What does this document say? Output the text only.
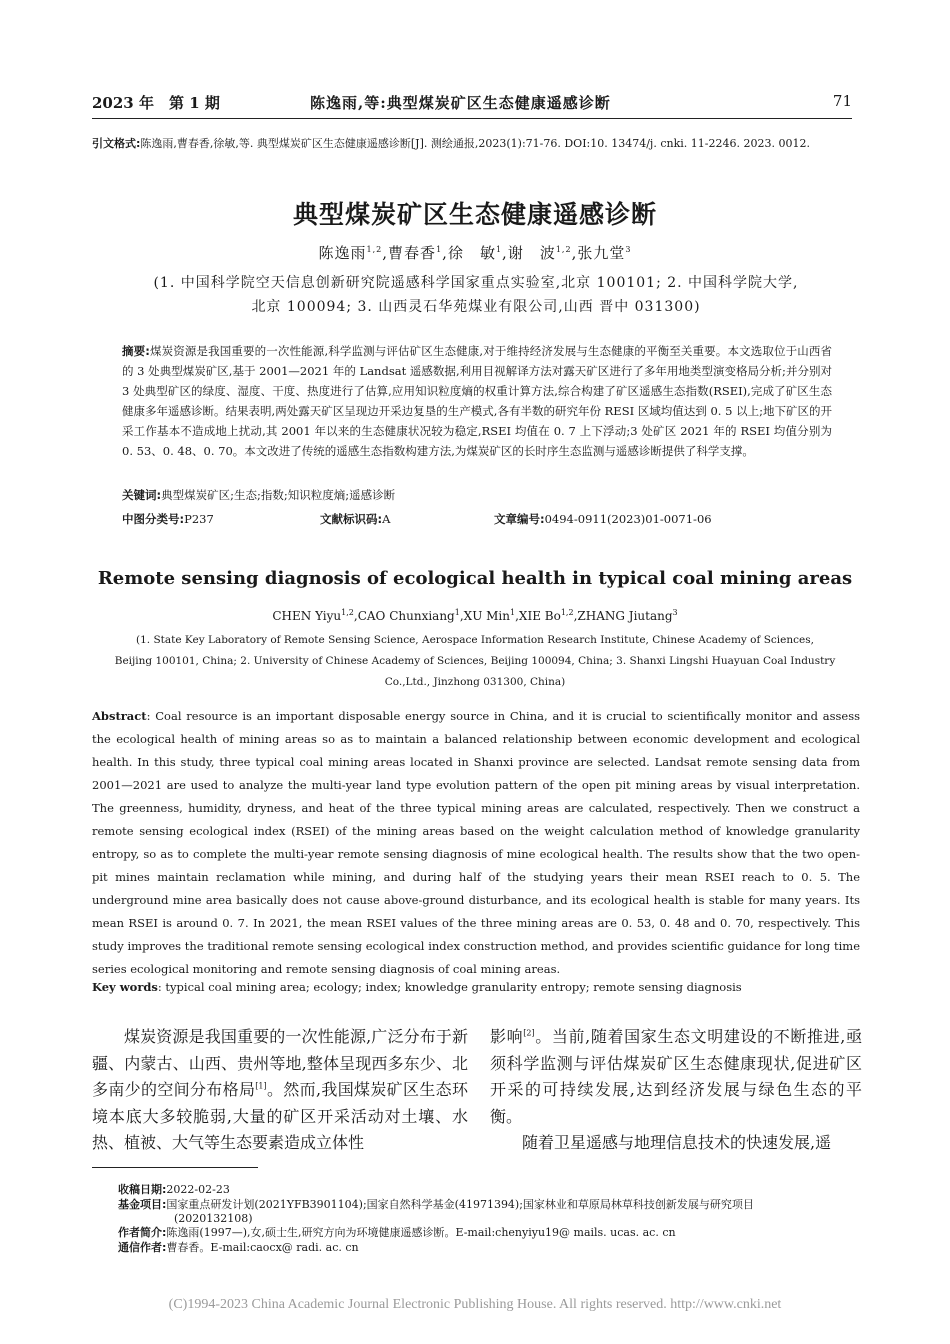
2023 年　第 1 期	陈逸雨,等:典型煤炭矿区生态健康遥感诊断	71
引文格式:陈逸雨,曹春香,徐敏,等. 典型煤炭矿区生态健康遥感诊断[J]. 测绘通报,2023(1):71-76. DOI:10. 13474/j. cnki. 11-2246. 2023. 0012.
典型煤炭矿区生态健康遥感诊断
陈逸雨$^{1,2}$,曹春香$^1$,徐　敏$^1$,谢　波$^{1,2}$,张九堂$^3$
(1. 中国科学院空天信息创新研究院遥感科学国家重点实验室,北京 100101; 2. 中国科学院大学,
北京 100094; 3. 山西灵石华苑煤业有限公司,山西 晋中 031300)
摘要:煤炭资源是我国重要的一次性能源,科学监测与评估矿区生态健康,对于维持经济发展与生态健康的平衡至关重要。本文选取位于山西省的 3 处典型煤炭矿区,基于 2001—2021 年的 Landsat 遥感数据,利用目视解译方法对露天矿区进行了多年用地类型演变格局分析;并分别对 3 处典型矿区的绿度、湿度、干度、热度进行了估算,应用知识粒度熵的权重计算方法,综合构建了矿区遥感生态指数(RSEI),完成了矿区生态健康多年遥感诊断。结果表明,两处露天矿区呈现边开采边复垦的生产模式,各有半数的研究年份 RESI 区域均值达到 0. 5 以上;地下矿区的开采工作基本不造成地上扰动,其 2001 年以来的生态健康状况较为稳定,RSEI 均值在 0. 7 上下浮动;3 处矿区 2021 年的 RSEI 均值分别为 0. 53、0. 48、0. 70。本文改进了传统的遥感生态指数构建方法,为煤炭矿区的长时序生态监测与遥感诊断提供了科学支撑。
关键词:典型煤炭矿区;生态;指数;知识粒度熵;遥感诊断
中图分类号:P237	文献标识码:A	文章编号:0494-0911(2023)01-0071-06
Remote sensing diagnosis of ecological health in typical coal mining areas
CHEN Yiyu$^{1,2}$,CAO Chunxiang$^1$,XU Min$^1$,XIE Bo$^{1,2}$,ZHANG Jiutang$^3$
(1. State Key Laboratory of Remote Sensing Science, Aerospace Information Research Institute, Chinese Academy of Sciences,
Beijing 100101, China; 2. University of Chinese Academy of Sciences, Beijing 100094, China; 3. Shanxi Lingshi Huayuan Coal Industry
Co.,Ltd., Jinzhong 031300, China)
Abstract: Coal resource is an important disposable energy source in China, and it is crucial to scientifically monitor and assess the ecological health of mining areas so as to maintain a balanced relationship between economic development and ecological health. In this study, three typical coal mining areas located in Shanxi province are selected. Landsat remote sensing data from 2001—2021 are used to analyze the multi-year land type evolution pattern of the open pit mining areas by visual interpretation. The greenness, humidity, dryness, and heat of the three typical mining areas are calculated, respectively. Then we construct a remote sensing ecological index (RSEI) of the mining areas based on the weight calculation method of knowledge granularity entropy, so as to complete the multi-year remote sensing diagnosis of mine ecological health. The results show that the two open-pit mines maintain reclamation while mining, and during half of the studying years their mean RSEI reach to 0. 5. The underground mine area basically does not cause above-ground disturbance, and its ecological health is stable for many years. Its mean RSEI is around 0. 7. In 2021, the mean RSEI values of the three mining areas are 0. 53, 0. 48 and 0. 70, respectively. This study improves the traditional remote sensing ecological index construction method, and provides scientific guidance for long time series ecological monitoring and remote sensing diagnosis of coal mining areas.
Key words: typical coal mining area; ecology; index; knowledge granularity entropy; remote sensing diagnosis

煤炭资源是我国重要的一次性能源,广泛分布于新疆、内蒙古、山西、贵州等地,整体呈现西多东少、北多南少的空间分布格局[1]。然而,我国煤炭矿区生态环境本底大多较脆弱,大量的矿区开采活动对土壤、水热、植被、大气等生态要素造成立体性

影响[2]。当前,随着国家生态文明建设的不断推进,亟须科学监测与评估煤炭矿区生态健康现状,促进矿区开采的可持续发展,达到经济发展与绿色生态的平衡。

随着卫星遥感与地理信息技术的快速发展,遥

收稿日期:2022-02-23
基金项目:国家重点研发计划(2021YFB3901104);国家自然科学基金(41971394);国家林业和草原局林草科技创新发展与研究项目
(2020132108)
作者简介:陈逸雨(1997—),女,硕士生,研究方向为环境健康遥感诊断。E-mail:chenyiyu19@ mails. ucas. ac. cn
通信作者:曹春香。E-mail:caocx@ radi. ac. cn
(C)1994-2023 China Academic Journal Electronic Publishing House. All rights reserved. http://www.cnki.net
